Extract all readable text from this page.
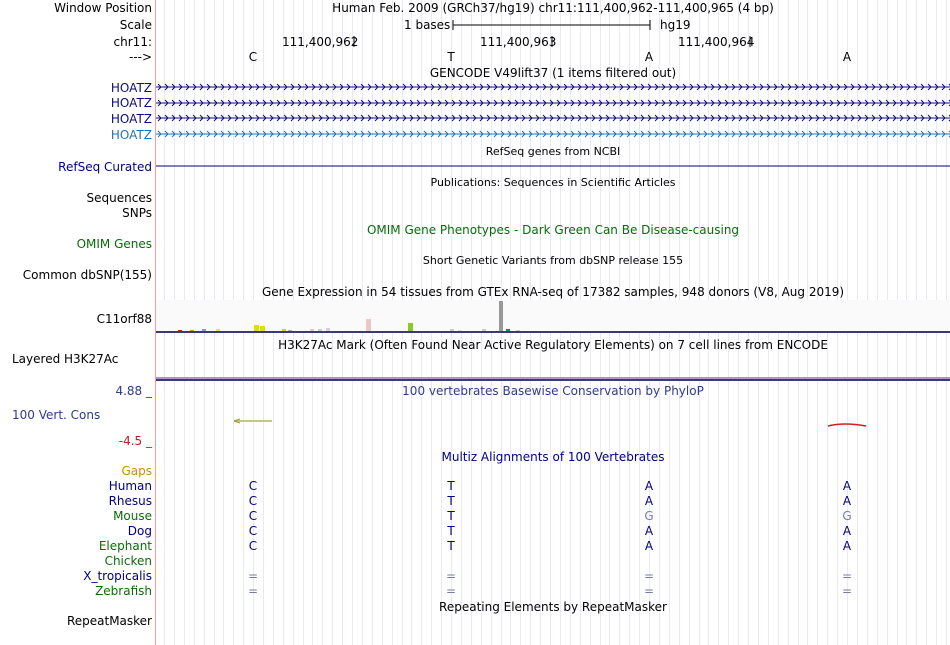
Window Position	Human Feb. 2009 (GRCh37/hg19) chr11:111,400,962-111,400,965 (4 bp)
Scale	1 bases	hg19
chr11:	111,400,962	111,400,963	111,400,964
--->	C	T	A	A
GENCODE V49lift37 (1 items filtered out)
HOATZ
HOATZ
HOATZ
HOATZ
RefSeq Curated
RefSeq genes from NCBI
Publications: Sequences in Scientific Articles
Sequences
SNPs
OMIM Gene Phenotypes - Dark Green Can Be Disease-causing
OMIM Genes
Short Genetic Variants from dbSNP release 155
Common dbSNP(155)
Gene Expression in 54 tissues from GTEx RNA-seq of 17382 samples, 948 donors (V8, Aug 2019)
C11orf88
H3K27Ac Mark (Often Found Near Active Regulatory Elements) on 7 cell lines from ENCODE
Layered H3K27Ac
100 vertebrates Basewise Conservation by PhyloP
4.88 _
100 Vert. Cons
-4.5 _
Multiz Alignments of 100 Vertebrates
Gaps
Human	C	T	A	A
Rhesus	C	T	A	A
Mouse	C	T	G	G
Dog	C	T	A	A
Elephant	C	T	A	A
Chicken
X_tropicalis	=	=	=	=
Zebrafish	=	=	=	=
Repeating Elements by RepeatMasker
RepeatMasker
